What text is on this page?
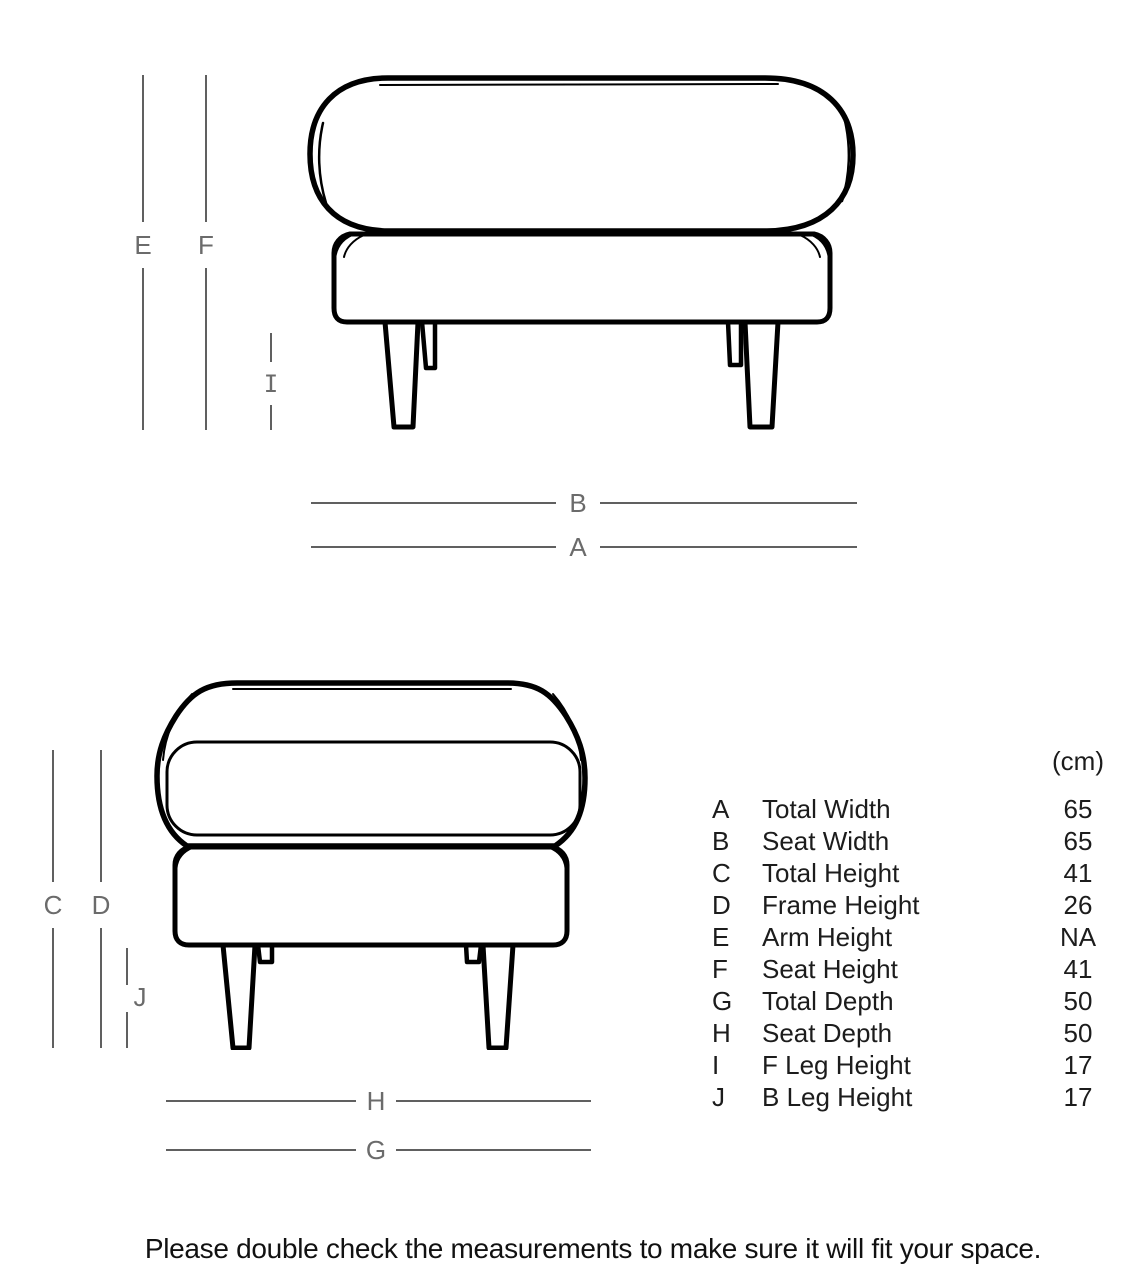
E F
I
B
A
C D
J
H
G
(cm)
A	Total Width	65
B	Seat Width	65
C	Total Height	41
D	Frame Height	26
E	Arm Height	NA
F	Seat Height	41
G	Total Depth	50
H	Seat Depth	50
I	F Leg Height	17
J	B Leg Height	17
Please double check the measurements to make sure it will fit your space.
